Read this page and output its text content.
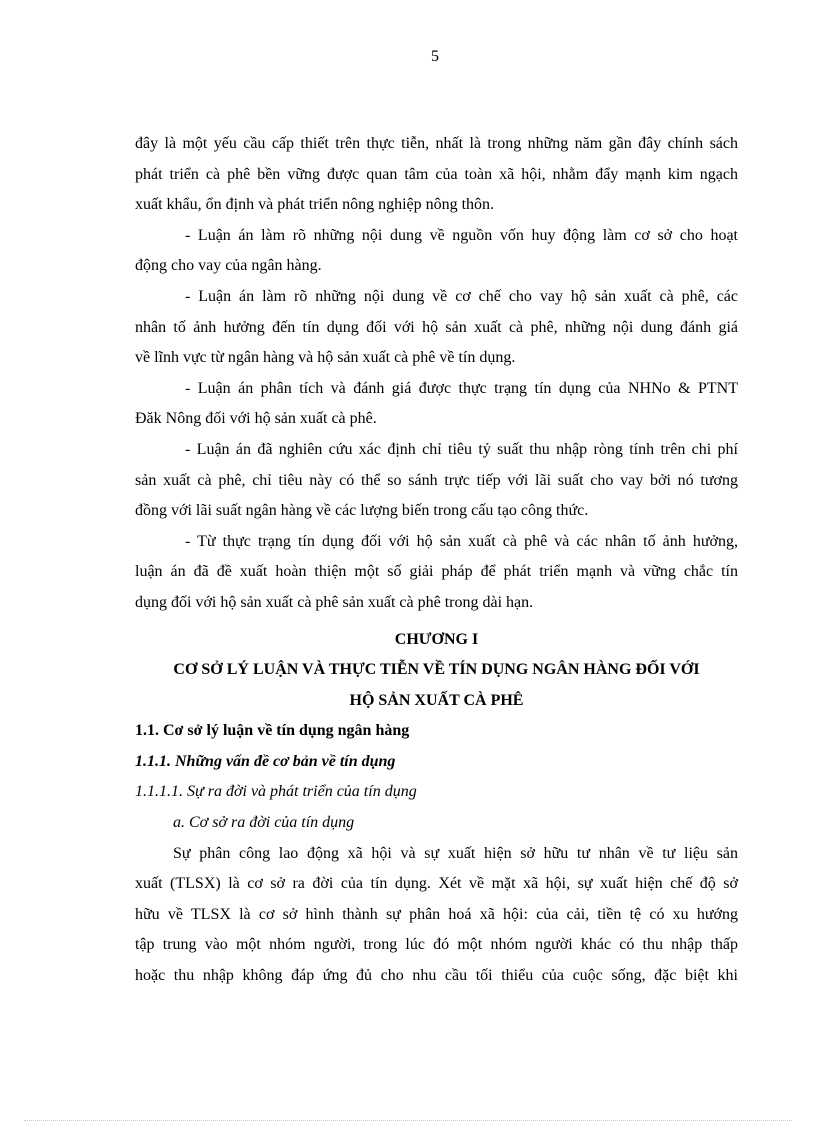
5
đây là một yếu cầu cấp thiết trên thực tiễn, nhất là trong những năm gần đây chính sách
phát triển cà phê bền vững được quan tâm của toàn xã hội, nhằm đẩy mạnh kim ngạch
xuất khẩu, ổn định và phát triển nông nghiệp nông thôn.
- Luận án làm rõ những nội dung về nguồn vốn huy động làm cơ sở cho hoạt
động cho vay của ngân hàng.
- Luận án làm rõ những nội dung về cơ chế cho vay hộ sản xuất cà phê, các
nhân tố ảnh hưởng đến tín dụng đối với hộ sản xuất cà phê, những nội dung đánh giá
về lĩnh vực từ ngân hàng và hộ sản xuất cà phê về tín dụng.
- Luận án phân tích và đánh giá được thực trạng tín dụng của NHNo & PTNT
Đăk Nông đối với hộ sản xuất cà phê.
- Luận án đã nghiên cứu xác định chỉ tiêu tỷ suất thu nhập ròng tính trên chi phí
sản xuất cà phê, chỉ tiêu này có thể so sánh trực tiếp với lãi suất cho vay bởi nó tương
đồng với lãi suất ngân hàng về các lượng biến trong cấu tạo công thức.
- Từ thực trạng tín dụng đối với hộ sản xuất cà phê và các nhân tố ảnh hưởng,
luận án đã đề xuất hoàn thiện một số giải pháp để phát triển mạnh và vững chắc tín
dụng đối với hộ sản xuất cà phê sản xuất cà phê trong dài hạn.
CHƯƠNG I
CƠ SỞ LÝ LUẬN VÀ THỰC TIỄN VỀ TÍN DỤNG NGÂN HÀNG ĐỐI VỚI
HỘ SẢN XUẤT CÀ PHÊ
1.1. Cơ sở lý luận về tín dụng ngân hàng
1.1.1. Những vấn đề cơ bản về tín dụng
1.1.1.1. Sự ra đời và phát triển của tín dụng
a. Cơ sở ra đời của tín dụng
Sự phân công lao động xã hội và sự xuất hiện sở hữu tư nhân về tư liệu sản
xuất (TLSX) là cơ sở ra đời của tín dụng. Xét về mặt xã hội, sự xuất hiện chế độ sở
hữu về TLSX là cơ sở hình thành sự phân hoá xã hội: của cải, tiền tệ có xu hướng
tập trung vào một nhóm người, trong lúc đó một nhóm người khác có thu nhập thấp
hoặc thu nhập không đáp ứng đủ cho nhu cầu tối thiểu của cuộc sống, đặc biệt khi
